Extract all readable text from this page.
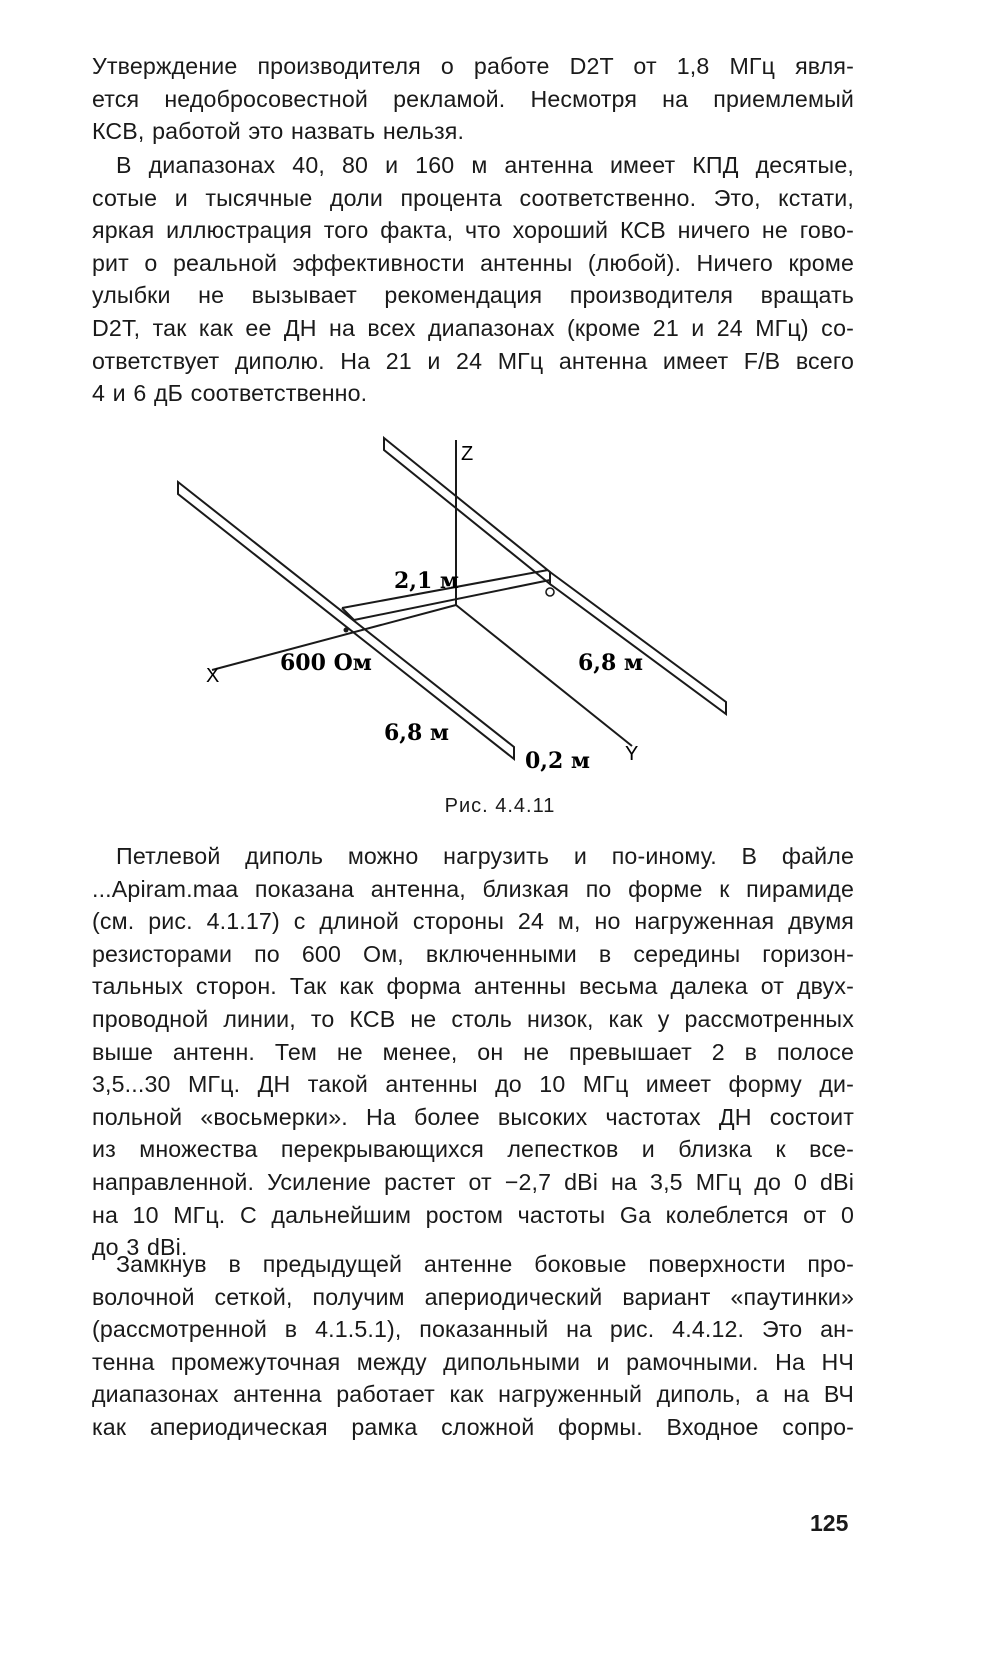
Утверждение производителя о работе D2T от 1,8 МГц явля-
ется недобросовестной рекламой. Несмотря на приемлемый
КСВ, работой это назвать нельзя.
В диапазонах 40, 80 и 160 м антенна имеет КПД десятые,
сотые и тысячные доли процента соответственно. Это, кстати,
яркая иллюстрация того факта, что хороший КСВ ничего не гово-
рит о реальной эффективности антенны (любой). Ничего кроме
улыбки не вызывает рекомендация производителя вращать
D2T, так как ее ДН на всех диапазонах (кроме 21 и 24 МГц) со-
ответствует диполю. На 21 и 24 МГц антенна имеет F/B всего
4 и 6 дБ соответственно.
Z
X
Y
2,1 м
600 Ом	6,8 м
6,8 м
0,2 м
Рис. 4.4.11
Петлевой диполь можно нагрузить и по-иному. В файле
...Apiram.maa показана антенна, близкая по форме к пирамиде
(см. рис. 4.1.17) с длиной стороны 24 м, но нагруженная двумя
резисторами по 600 Ом, включенными в середины горизон-
тальных сторон. Так как форма антенны весьма далека от двух-
проводной линии, то КСВ не столь низок, как у рассмотренных
выше антенн. Тем не менее, он не превышает 2 в полосе
3,5...30 МГц. ДН такой антенны до 10 МГц имеет форму ди-
польной «восьмерки». На более высоких частотах ДН состоит
из множества перекрывающихся лепестков и близка к все-
направленной. Усиление растет от −2,7 dBi на 3,5 МГц до 0 dBi
на 10 МГц. С дальнейшим ростом частоты Ga колеблется от 0
до 3 dBi.
Замкнув в предыдущей антенне боковые поверхности про-
волочной сеткой, получим апериодический вариант «паутинки»
(рассмотренной в 4.1.5.1), показанный на рис. 4.4.12. Это ан-
тенна промежуточная между дипольными и рамочными. На НЧ
диапазонах антенна работает как нагруженный диполь, а на ВЧ
как апериодическая рамка сложной формы. Входное сопро-
125
